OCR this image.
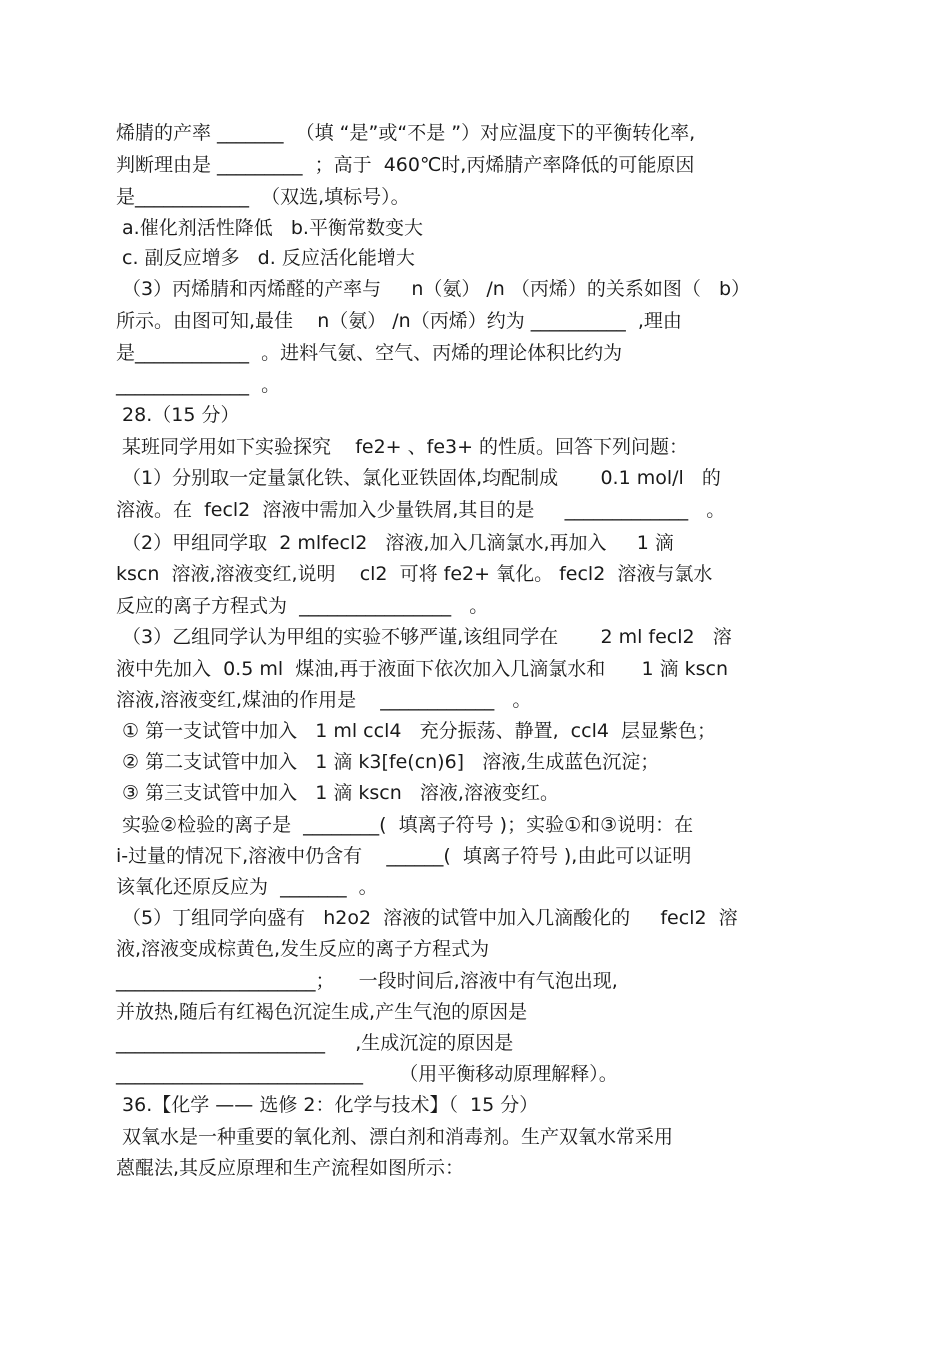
烯腈的产率 _______  （填 “是”或“不是 ”）对应温度下的平衡转化率,
判断理由是 _________  ；高于  460℃时,丙烯腈产率降低的可能原因
是____________  （双选,填标号）。
a.催化剂活性降低   b.平衡常数变大
c. 副反应增多   d. 反应活化能增大
（3）丙烯腈和丙烯醛的产率与     n（氨） /n （丙烯）的关系如图（   b）
所示。由图可知,最佳    n（氨） /n（丙烯）约为 __________  ,理由
是____________  。进料气氨、空气、丙烯的理论体积比约为
______________  。
28.（15 分）
某班同学用如下实验探究    fe2+ 、fe3+ 的性质。回答下列问题：
（1）分别取一定量氯化铁、氯化亚铁固体,均配制成       0.1 mol/l   的
溶液。在  fecl2  溶液中需加入少量铁屑,其目的是     _____________   。
（2）甲组同学取  2 mlfecl2   溶液,加入几滴氯水,再加入     1 滴
kscn  溶液,溶液变红,说明    cl2  可将 fe2+ 氧化。 fecl2  溶液与氯水
反应的离子方程式为  ________________   。
（3）乙组同学认为甲组的实验不够严谨,该组同学在       2 ml fecl2   溶
液中先加入  0.5 ml  煤油,再于液面下依次加入几滴氯水和      1 滴 kscn
溶液,溶液变红,煤油的作用是    ____________   。
① 第一支试管中加入   1 ml ccl4   充分振荡、静置,  ccl4  层显紫色；
② 第二支试管中加入   1 滴 k3[fe(cn)6]   溶液,生成蓝色沉淀；
③ 第三支试管中加入   1 滴 kscn   溶液,溶液变红。
实验②检验的离子是  ________(  填离子符号 )；实验①和③说明：在
i-过量的情况下,溶液中仍含有    ______(  填离子符号 ),由此可以证明
该氧化还原反应为  _______  。
（5）丁组同学向盛有   h2o2  溶液的试管中加入几滴酸化的     fecl2  溶
液,溶液变成棕黄色,发生反应的离子方程式为
_____________________；    一段时间后,溶液中有气泡出现,
并放热,随后有红褐色沉淀生成,产生气泡的原因是
______________________     ,生成沉淀的原因是
__________________________      （用平衡移动原理解释）。
36.【化学 —— 选修 2：化学与技术】（  15 分）
双氧水是一种重要的氧化剂、漂白剂和消毒剂。生产双氧水常采用
蒽醌法,其反应原理和生产流程如图所示：
